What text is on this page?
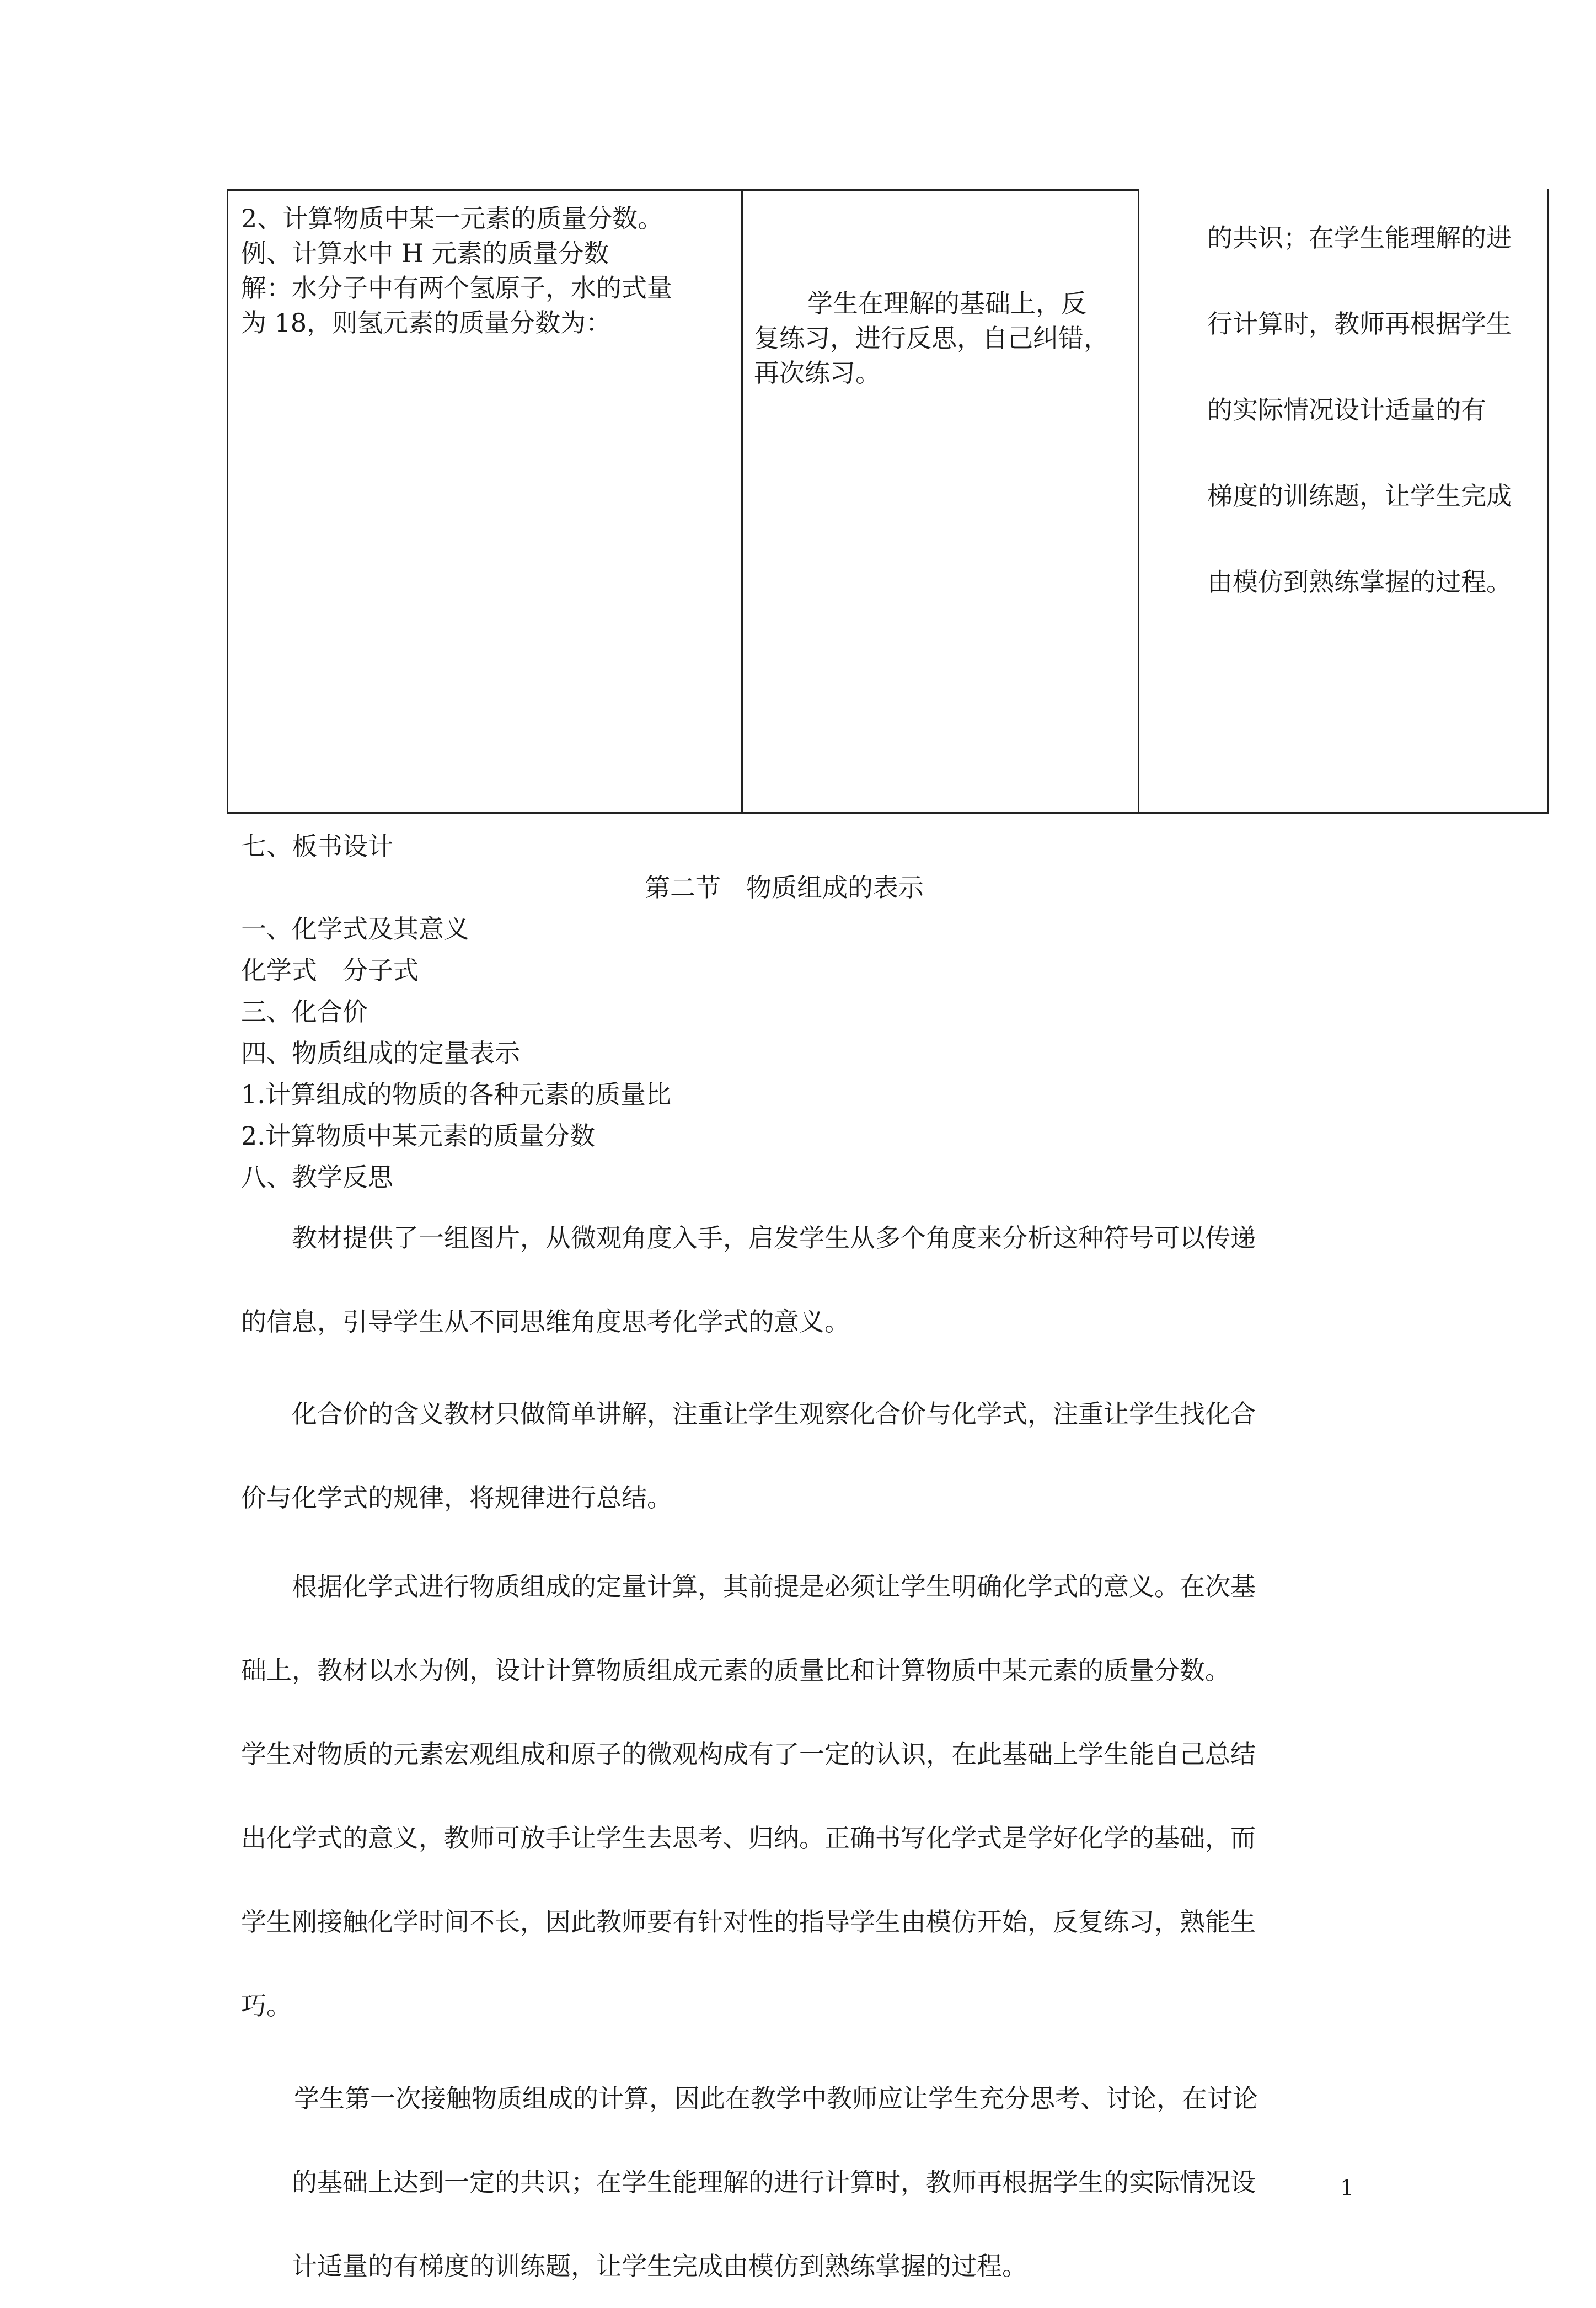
2、计算物质中某一元素的质量分数。
例、计算水中 H 元素的质量分数
解：水分子中有两个氢原子，水的式量
为 18，则氢元素的质量分数为：
学生在理解的基础上，反
复练习，进行反思，自己纠错，
再次练习。
的共识；在学生能理解的进
行计算时，教师再根据学生
的实际情况设计适量的有
梯度的训练题，让学生完成
由模仿到熟练掌握的过程。
七、板书设计
第二节　物质组成的表示
一、化学式及其意义
化学式　分子式
三、化合价
四、物质组成的定量表示
1.计算组成的物质的各种元素的质量比
2.计算物质中某元素的质量分数
八、教学反思
教材提供了一组图片，从微观角度入手，启发学生从多个角度来分析这种符号可以传递
的信息，引导学生从不同思维角度思考化学式的意义。
化合价的含义教材只做简单讲解，注重让学生观察化合价与化学式，注重让学生找化合
价与化学式的规律，将规律进行总结。
根据化学式进行物质组成的定量计算，其前提是必须让学生明确化学式的意义。在次基
础上，教材以水为例，设计计算物质组成元素的质量比和计算物质中某元素的质量分数。
学生对物质的元素宏观组成和原子的微观构成有了一定的认识，在此基础上学生能自己总结
出化学式的意义，教师可放手让学生去思考、归纳。正确书写化学式是学好化学的基础，而
学生刚接触化学时间不长，因此教师要有针对性的指导学生由模仿开始，反复练习，熟能生
巧。
学生第一次接触物质组成的计算，因此在教学中教师应让学生充分思考、讨论，在讨论
的基础上达到一定的共识；在学生能理解的进行计算时，教师再根据学生的实际情况设
计适量的有梯度的训练题，让学生完成由模仿到熟练掌握的过程。
1
